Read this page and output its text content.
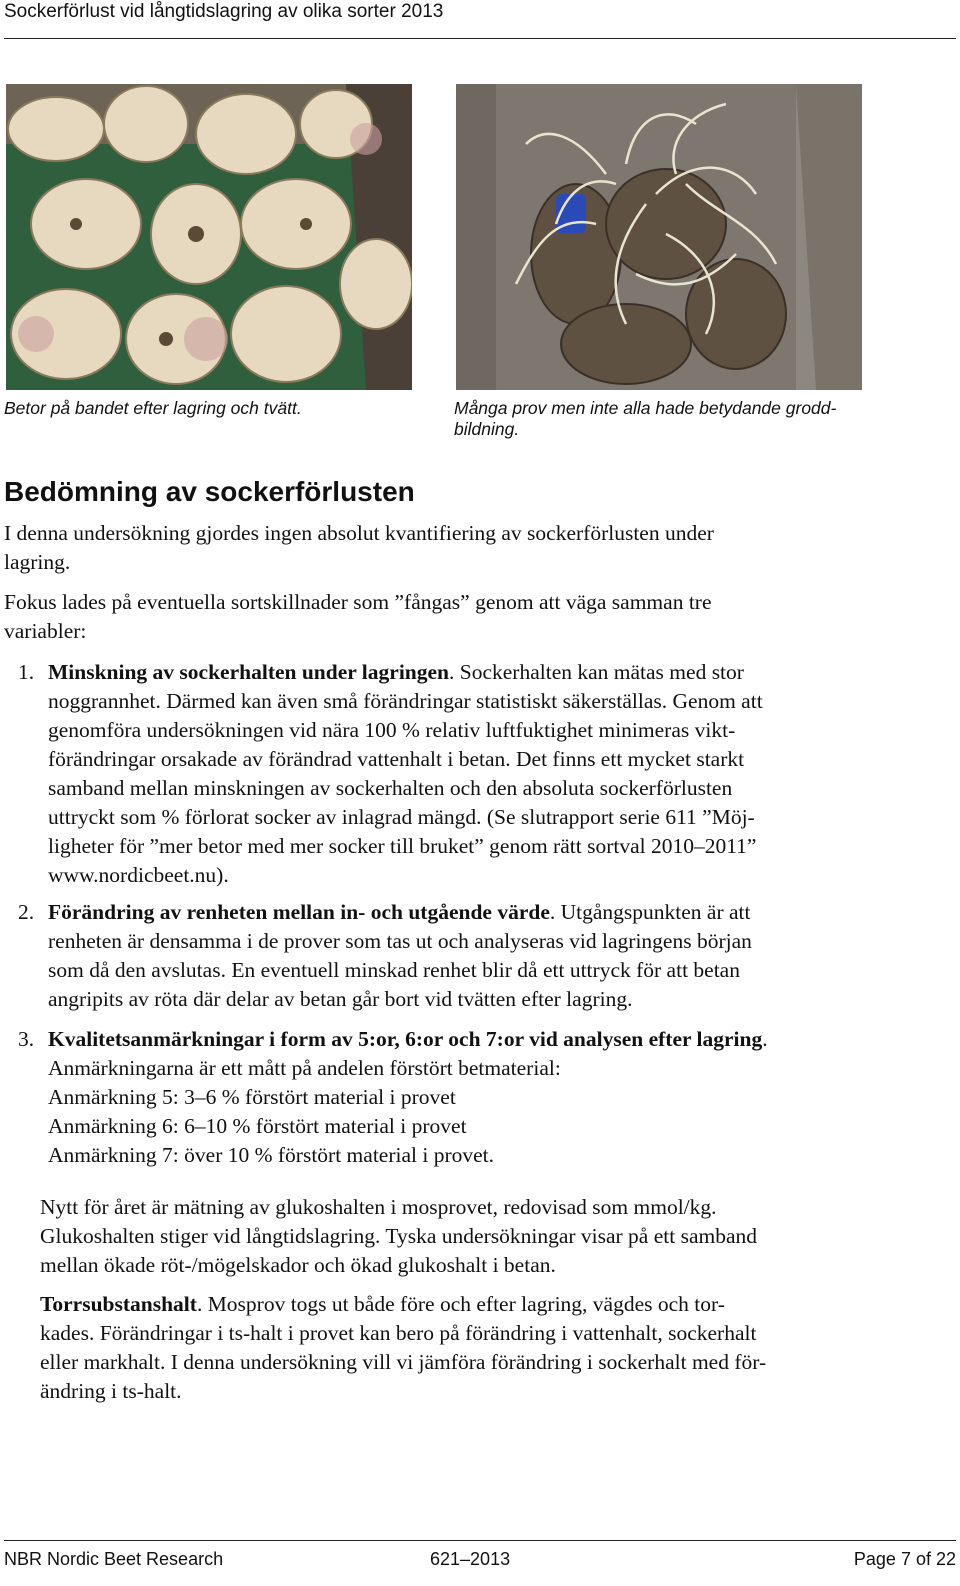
Sockerförlust vid långtidslagring av olika sorter 2013
Betor på bandet efter lagring och tvätt.	Många prov men inte alla hade betydande grodd-
bildning.
Bedömning av sockerförlusten
I denna undersökning gjordes ingen absolut kvantifiering av sockerförlusten under
lagring.
Fokus lades på eventuella sortskillnader som ”fångas” genom att väga samman tre
variabler:
1. Minskning av sockerhalten under lagringen. Sockerhalten kan mätas med stor
noggrannhet. Därmed kan även små förändringar statistiskt säkerställas. Genom att
genomföra undersökningen vid nära 100 % relativ luftfuktighet minimeras vikt-
förändringar orsakade av förändrad vattenhalt i betan. Det finns ett mycket starkt
samband mellan minskningen av sockerhalten och den absoluta sockerförlusten
uttryckt som % förlorat socker av inlagrad mängd. (Se slutrapport serie 611 ”Möj-
ligheter för ”mer betor med mer socker till bruket” genom rätt sortval 2010–2011”
www.nordicbeet.nu).
2. Förändring av renheten mellan in- och utgående värde. Utgångspunkten är att
renheten är densamma i de prover som tas ut och analyseras vid lagringens början
som då den avslutas. En eventuell minskad renhet blir då ett uttryck för att betan
angripits av röta där delar av betan går bort vid tvätten efter lagring.
3. Kvalitetsanmärkningar i form av 5:or, 6:or och 7:or vid analysen efter lagring.
Anmärkningarna är ett mått på andelen förstört betmaterial:
Anmärkning 5: 3–6 % förstört material i provet
Anmärkning 6: 6–10 % förstört material i provet
Anmärkning 7: över 10 % förstört material i provet.
Nytt för året är mätning av glukoshalten i mosprovet, redovisad som mmol/kg.
Glukoshalten stiger vid långtidslagring. Tyska undersökningar visar på ett samband
mellan ökade röt-/mögelskador och ökad glukoshalt i betan.
Torrsubstanshalt. Mosprov togs ut både före och efter lagring, vägdes och tor-
kades. Förändringar i ts-halt i provet kan bero på förändring i vattenhalt, sockerhalt
eller markhalt. I denna undersökning vill vi jämföra förändring i sockerhalt med för-
ändring i ts-halt.
NBR Nordic Beet Research	621–2013	Page 7 of 22
